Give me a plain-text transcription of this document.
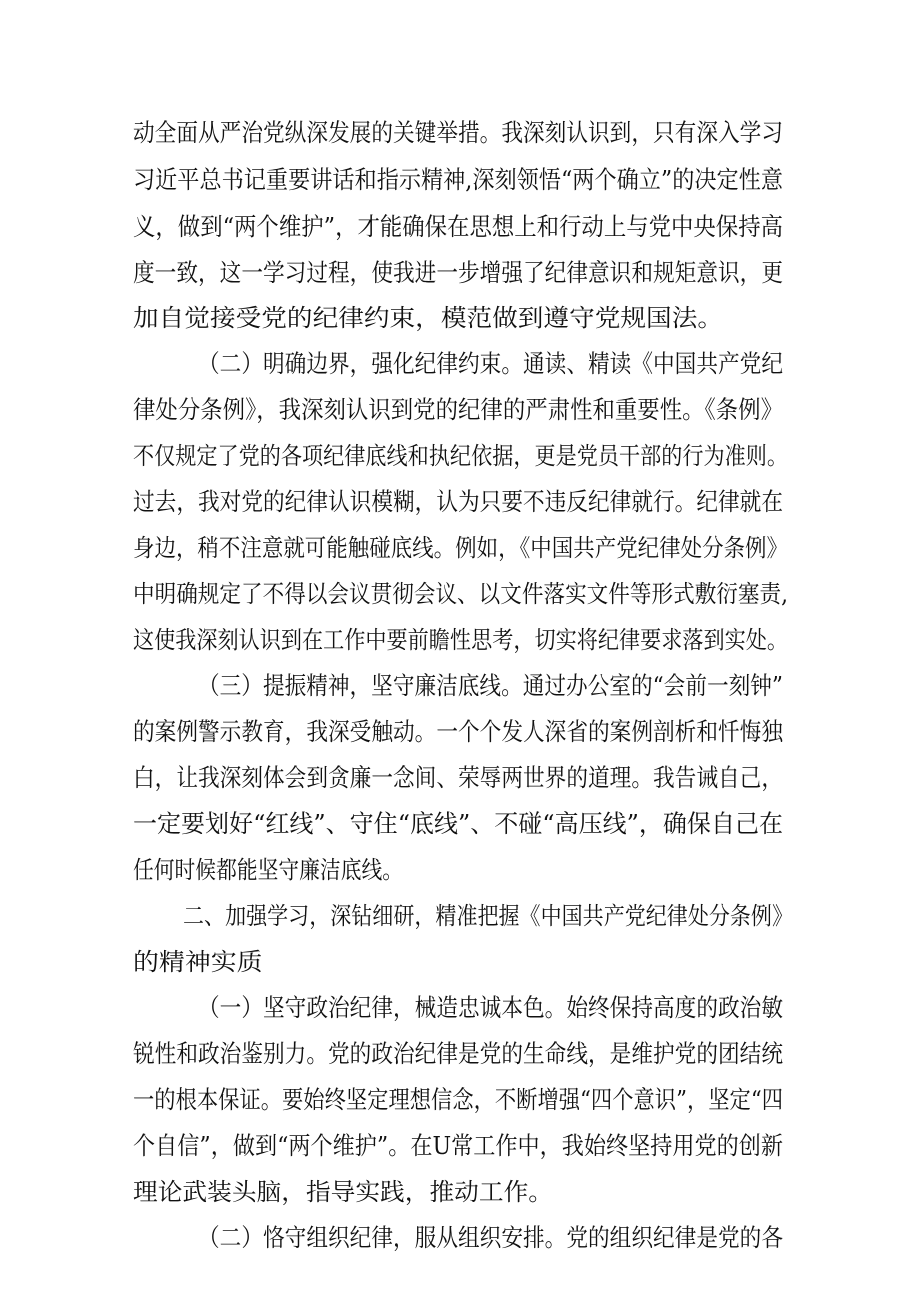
动全面从严治党纵深发展的关键举措。我深刻认识到，只有深入学习
习近平总书记重要讲话和指示精神,深刻领悟“两个确立”的决定性意
义，做到“两个维护”，才能确保在思想上和行动上与党中央保持高
度一致，这一学习过程，使我进一步增强了纪律意识和规矩意识，更
加自觉接受党的纪律约束，模范做到遵守党规国法。
（二）明确边界，强化纪律约束。通读、精读《中国共产党纪
律处分条例》，我深刻认识到党的纪律的严肃性和重要性。《条例》
不仅规定了党的各项纪律底线和执纪依据，更是党员干部的行为准则。
过去，我对党的纪律认识模糊，认为只要不违反纪律就行。纪律就在
身边，稍不注意就可能触碰底线。例如，《中国共产党纪律处分条例》
中明确规定了不得以会议贯彻会议、以文件落实文件等形式敷衍塞责,
这使我深刻认识到在工作中要前瞻性思考，切实将纪律要求落到实处。
（三）提振精神，坚守廉洁底线。通过办公室的“会前一刻钟”
的案例警示教育，我深受触动。一个个发人深省的案例剖析和忏悔独
白，让我深刻体会到贪廉一念间、荣辱两世界的道理。我告诫自己，
一定要划好“红线”、守住“底线”、不碰“高压线”，确保自己在
任何时候都能坚守廉洁底线。
二、加强学习，深钻细研，精准把握《中国共产党纪律处分条例》
的精神实质
（一）坚守政治纪律，械造忠诚本色。始终保持高度的政治敏
锐性和政治鉴别力。党的政治纪律是党的生命线，是维护党的团结统
一的根本保证。要始终坚定理想信念，不断增强“四个意识”，坚定“四
个自信”，做到“两个维护”。在U常工作中，我始终坚持用党的创新
理论武装头脑，指导实践，推动工作。
（二）恪守组织纪律，服从组织安排。党的组织纪律是党的各
